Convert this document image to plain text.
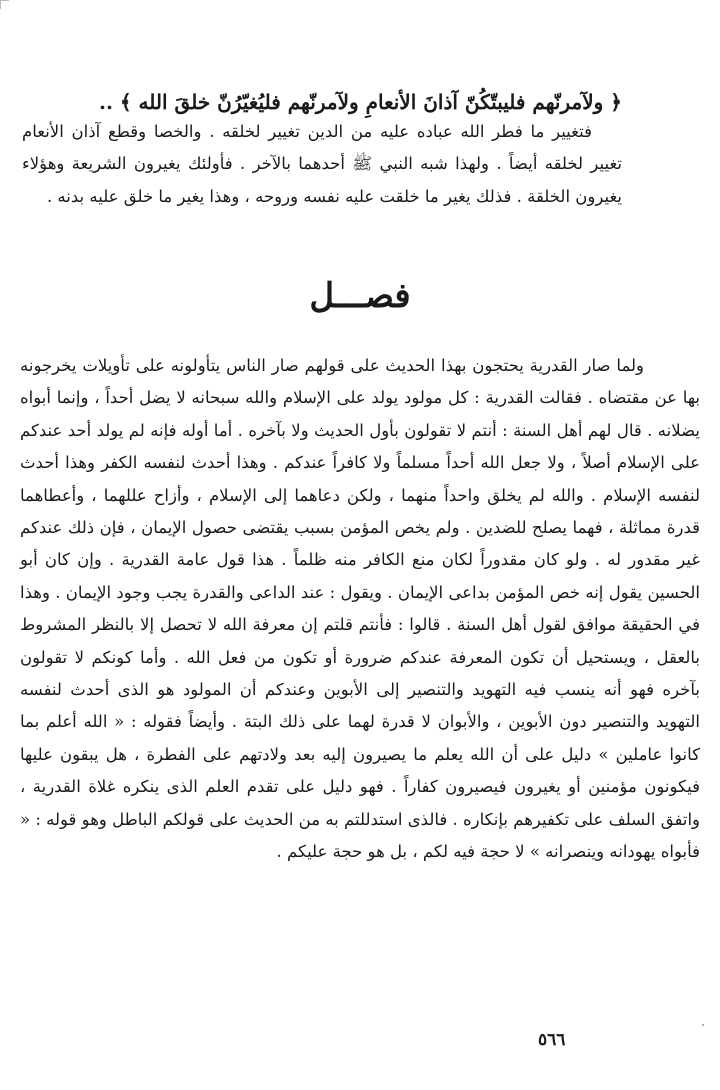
﴿ ولآمرنّهم فليبتّكُنّ آذانَ الأنعامِ ولآمرنّهم فليُغيّرُنّ خلقَ الله ﴾ ..

فتغيير ما فطر الله عباده عليه من الدين تغيير لخلقه . والخصا وقطع آذان الأنعام تغيير لخلقه أيضاً . ولهذا شبه النبي ﷺ أحدهما بالآخر . فأولئك يغيرون الشريعة وهؤلاء يغيرون الخلقة . فذلك يغير ما خلقت عليه نفسه وروحه ، وهذا يغير ما خلق عليه بدنه .

فصـــل

ولما صار القدرية يحتجون بهذا الحديث على قولهم صار الناس يتأولونه على تأويلات يخرجونه بها عن مقتضاه . فقالت القدرية : كل مولود يولد على الإسلام والله سبحانه لا يضل أحداً ، وإنما أبواه يضلانه . قال لهم أهل السنة : أنتم لا تقولون بأول الحديث ولا بآخره . أما أوله فإنه لم يولد أحد عندكم على الإسلام أصلاً ، ولا جعل الله أحداً مسلماً ولا كافراً عندكم . وهذا أحدث لنفسه الكفر وهذا أحدث لنفسه الإسلام . والله لم يخلق واحداً منهما ، ولكن دعاهما إلى الإسلام ، وأزاح عللهما ، وأعطاهما قدرة مماثلة ، فهما يصلح للضدين . ولم يخص المؤمن بسبب يقتضى حصول الإيمان ، فإن ذلك عندكم غير مقدور له . ولو كان مقدوراً لكان منع الكافر منه ظلماً . هذا قول عامة القدرية . وإن كان أبو الحسين يقول إنه خص المؤمن بداعى الإيمان . ويقول : عند الداعى والقدرة يجب وجود الإيمان . وهذا في الحقيقة موافق لقول أهل السنة . قالوا : فأنتم قلتم إن معرفة الله لا تحصل إلا بالنظر المشروط بالعقل ، ويستحيل أن تكون المعرفة عندكم ضرورة أو تكون من فعل الله . وأما كونكم لا تقولون بآخره فهو أنه ينسب فيه التهويد والتنصير إلى الأبوين وعندكم أن المولود هو الذى أحدث لنفسه التهويد والتنصير دون الأبوين ، والأبوان لا قدرة لهما على ذلك البتة . وأيضاً فقوله : « الله أعلم بما كانوا عاملين » دليل على أن الله يعلم ما يصيرون إليه بعد ولادتهم على الفطرة ، هل يبقون عليها فيكونون مؤمنين أو يغيرون فيصيرون كفاراً . فهو دليل على تقدم العلم الذى ينكره غلاة القدرية ، واتفق السلف على تكفيرهم بإنكاره . فالذى استدللتم به من الحديث على قولكم الباطل وهو قوله : « فأبواه يهودانه وينصرانه » لا حجة فيه لكم ، بل هو حجة عليكم .

٥٦٦
